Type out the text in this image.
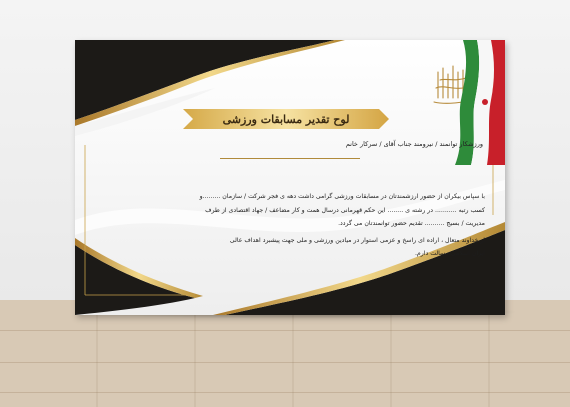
لوح تقدیر مسابقات ورزشی
ورزشکار توانمند / نیرومند جناب آقای / سرکار خانم

با سپاس بیکران از حضور ارزشمندتان در مسابقات ورزشی گرامی داشت دهه ی فجر شرکت / سازمان .........و

کسب رتبه ........... در رشته ی ........ این حکم قهرمانی درسال همت و کار مضاعف / جهاد اقتصادی از طرف

مدیریت / بسیج .......... تقدیم حضور توانمندتان می گردد.

از خداوند متعال ، اراده ای راسخ و عزمی استوار در میادین ورزشی و ملی جهت پیشبرد اهداف عالی

ایران اسلامی مسالت دارم.
